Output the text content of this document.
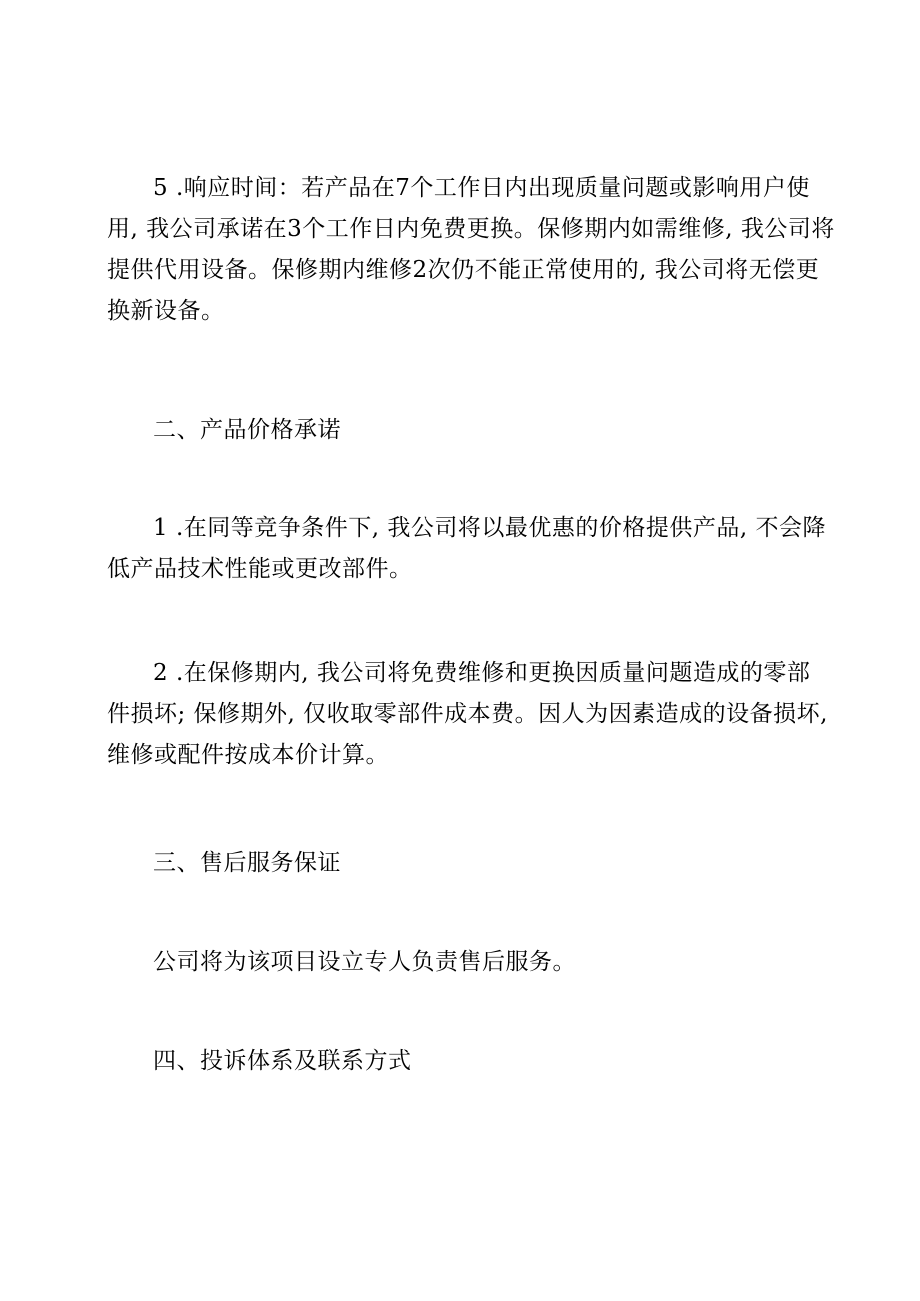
5 .响应时间：若产品在7个工作日内出现质量问题或影响用户使
用, 我公司承诺在3个工作日内免费更换。保修期内如需维修, 我公司将
提供代用设备。保修期内维修2次仍不能正常使用的, 我公司将无偿更
换新设备。

二、产品价格承诺

1 .在同等竞争条件下, 我公司将以最优惠的价格提供产品, 不会降
低产品技术性能或更改部件。

2 .在保修期内, 我公司将免费维修和更换因质量问题造成的零部
件损坏; 保修期外, 仅收取零部件成本费。因人为因素造成的设备损坏,
维修或配件按成本价计算。

三、售后服务保证

公司将为该项目设立专人负责售后服务。

四、投诉体系及联系方式
